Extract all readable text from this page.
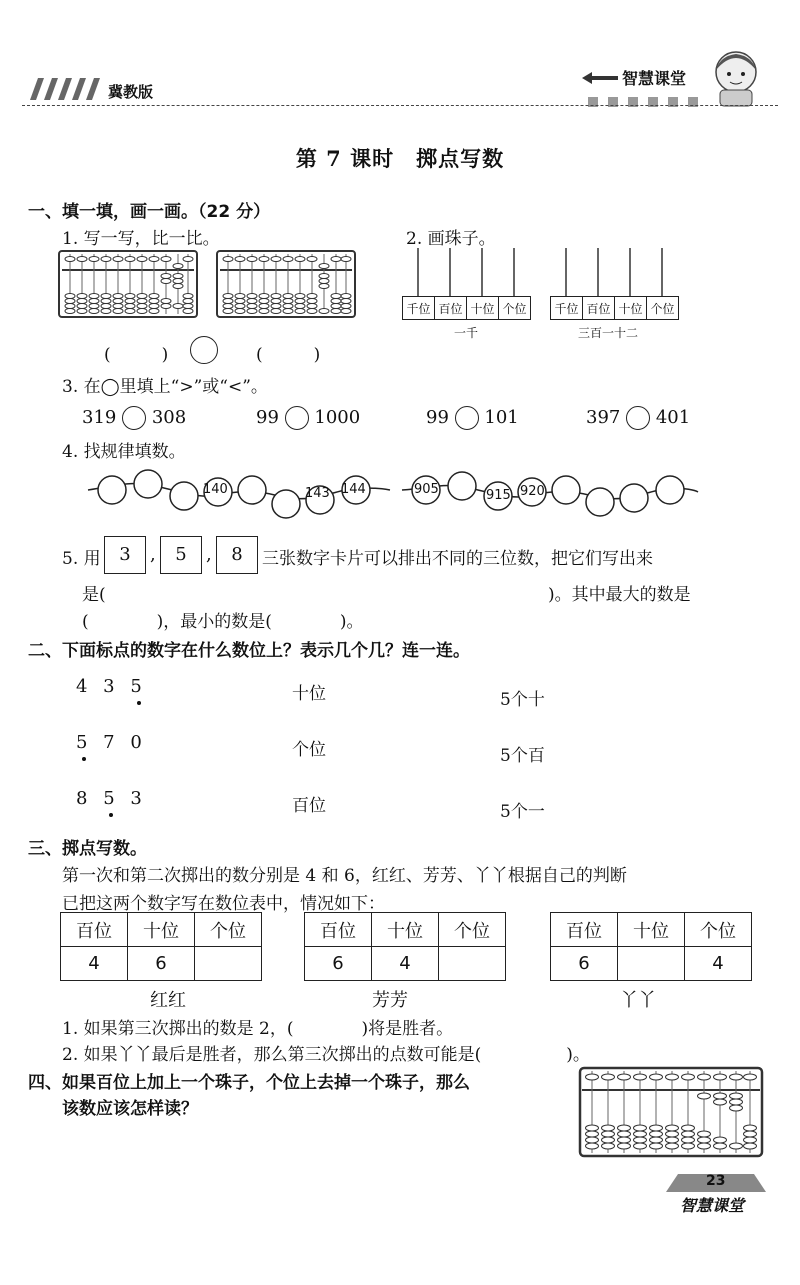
冀教版
智慧课堂
第 7 课时　掷点写数
一、填一填，画一画。（22 分）
1. 写一写，比一比。
(　　　)	(　　　)
2. 画珠子。
千位	百位	十位	个位
一千
千位	百位	十位	个位
三百一十二
3. 在◯里填上“>”或“<”。
319 308	99 1000	99 101	397 401
4. 找规律填数。
140	143 144	905	915 920
5. 用	3	,	5	,	8	三张数字卡片可以排出不同的三位数，把它们写出来
是(	)。其中最大的数是
(　　　　)，最小的数是(　　　　)。
二、下面标点的数字在什么数位上？表示几个几？连一连。
4 3 5
5 7 0
8 5 3
十位
个位
百位
5个十
5个百
5个一
三、掷点写数。
第一次和第二次掷出的数分别是 4 和 6，红红、芳芳、丫丫根据自己的判断
已把这两个数字写在数位表中，情况如下：
百位	十位	个位
4	6	
红红
百位	十位	个位
6	4	
芳芳
百位	十位	个位
6		4
丫丫
1. 如果第三次掷出的数是 2，(　　　　)将是胜者。
2. 如果丫丫最后是胜者，那么第三次掷出的点数可能是(　　　　　)。
四、如果百位上加上一个珠子，个位上去掉一个珠子，那么
该数应该怎样读？
23
智慧课堂
